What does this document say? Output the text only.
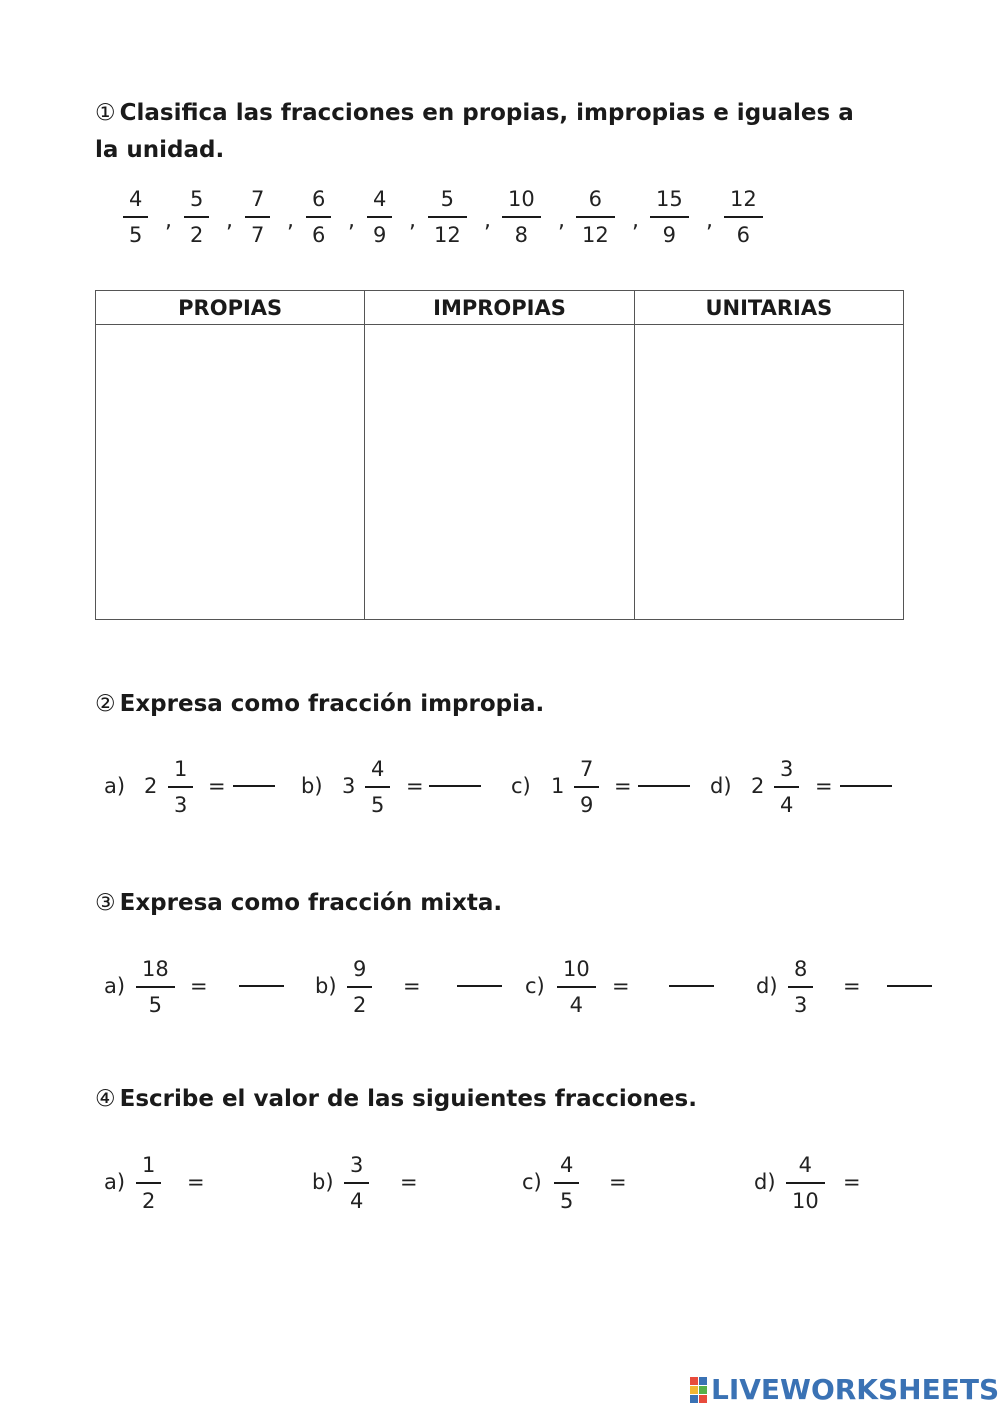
① Clasifica las fracciones en propias, impropias e iguales a la unidad.
4
5
,
5
2
,
7
7
,
6
6
,
4
9
,
5
12
,
10
8
,
6
12
,
15
9
,
12
6
PROPIAS	IMPROPIAS	UNITARIAS

② Expresa como fracción impropia.
a) 2
1
3
=	b) 3
4
5
=	c) 1
7
9
=	d) 2
3
4
=
③ Expresa como fracción mixta.
a)
18
5
=	b)
9
2
=	c)
10
4
=	d)
8
3
=
④ Escribe el valor de las siguientes fracciones.
a)
1
2
=	b)
3
4
=	c)
4
5
=	d)
4
10
=
LIVEWORKSHEETS
